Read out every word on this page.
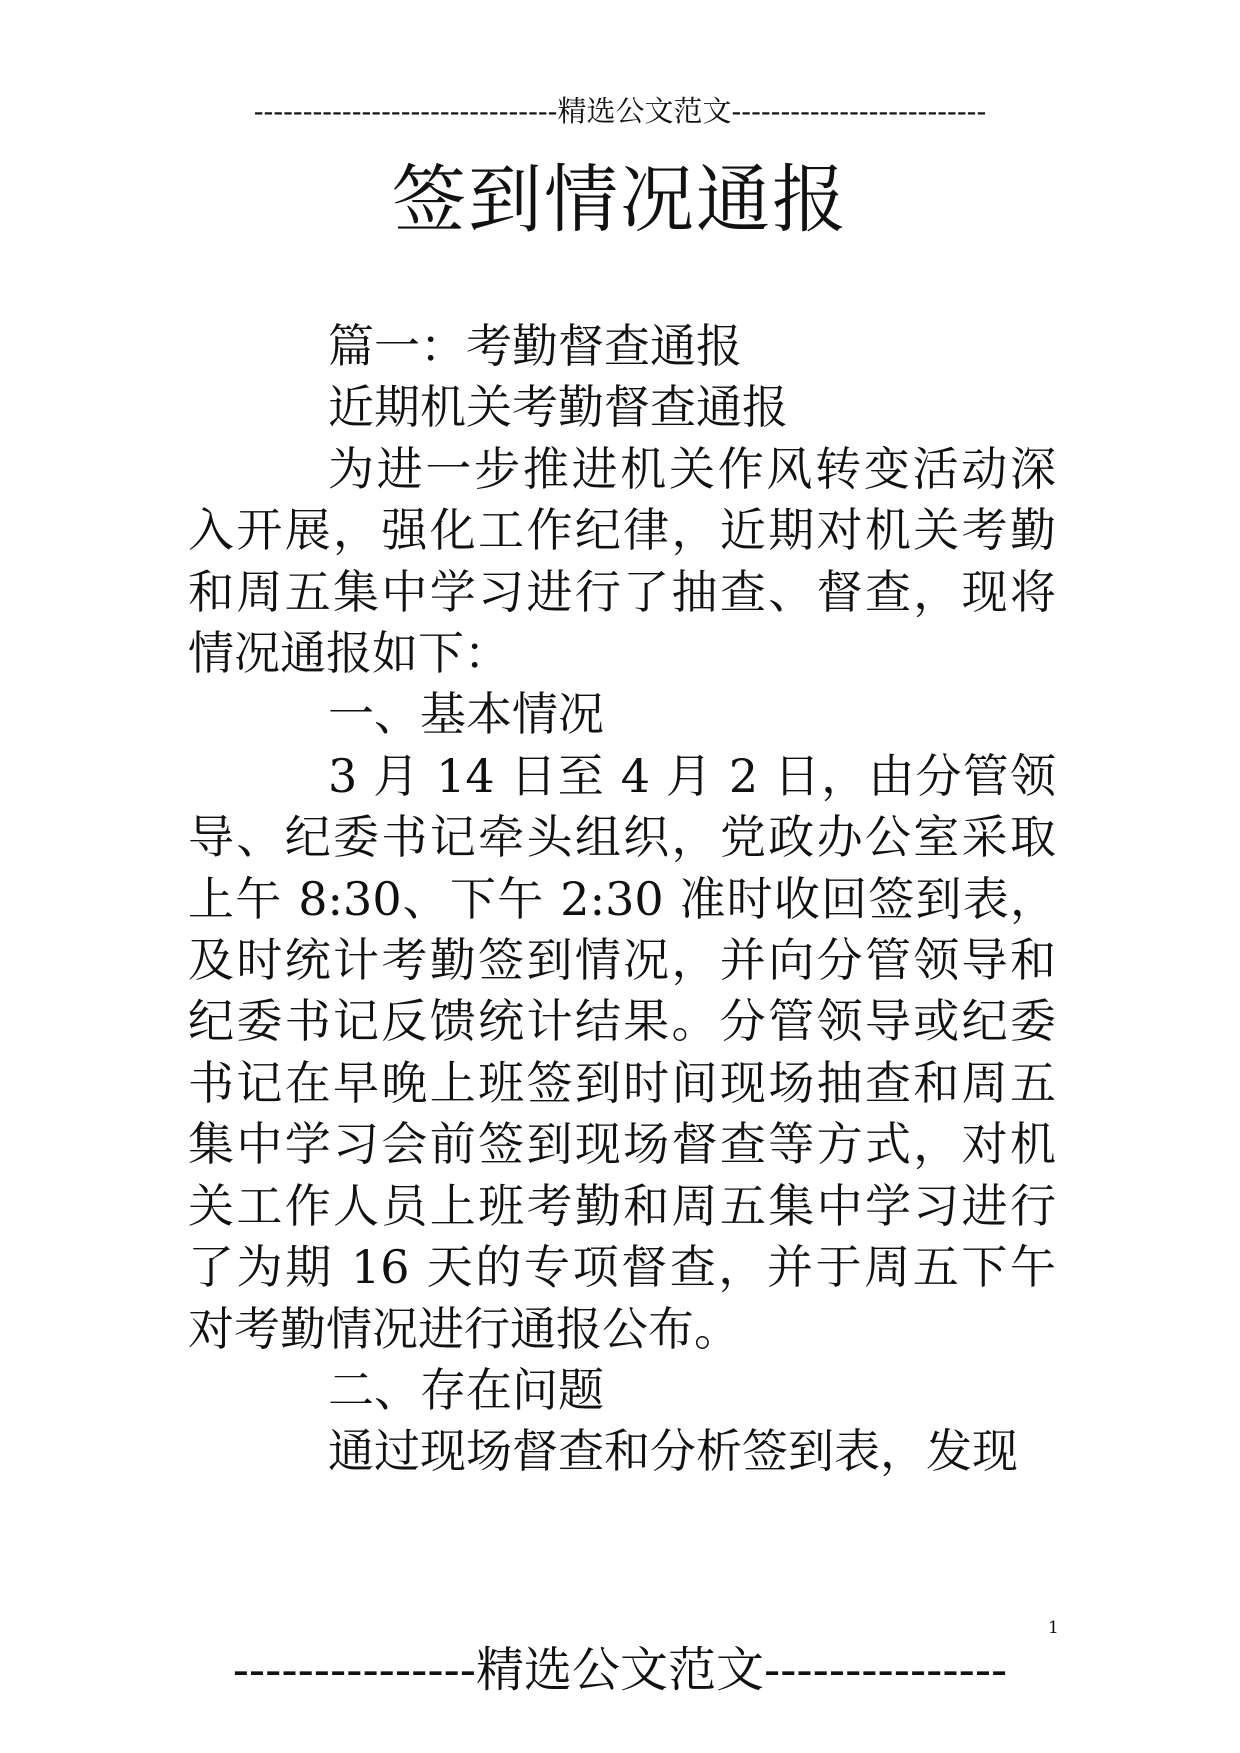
-------------------------------精选公文范文--------------------------
签到情况通报

篇一：考勤督查通报

近期机关考勤督查通报

为进一步推进机关作风转变活动深入开展，强化工作纪律，近期对机关考勤和周五集中学习进行了抽查、督查，现将情况通报如下：

一、基本情况

3 月 14 日至 4 月 2 日，由分管领导、纪委书记牵头组织，党政办公室采取上午 8:30、下午 2:30 准时收回签到表，及时统计考勤签到情况，并向分管领导和纪委书记反馈统计结果。分管领导或纪委书记在早晚上班签到时间现场抽查和周五集中学习会前签到现场督查等方式，对机关工作人员上班考勤和周五集中学习进行了为期 16 天的专项督查，并于周五下午对考勤情况进行通报公布。

二、存在问题

通过现场督查和分析签到表，发现

1
---------------精选公文范文---------------
